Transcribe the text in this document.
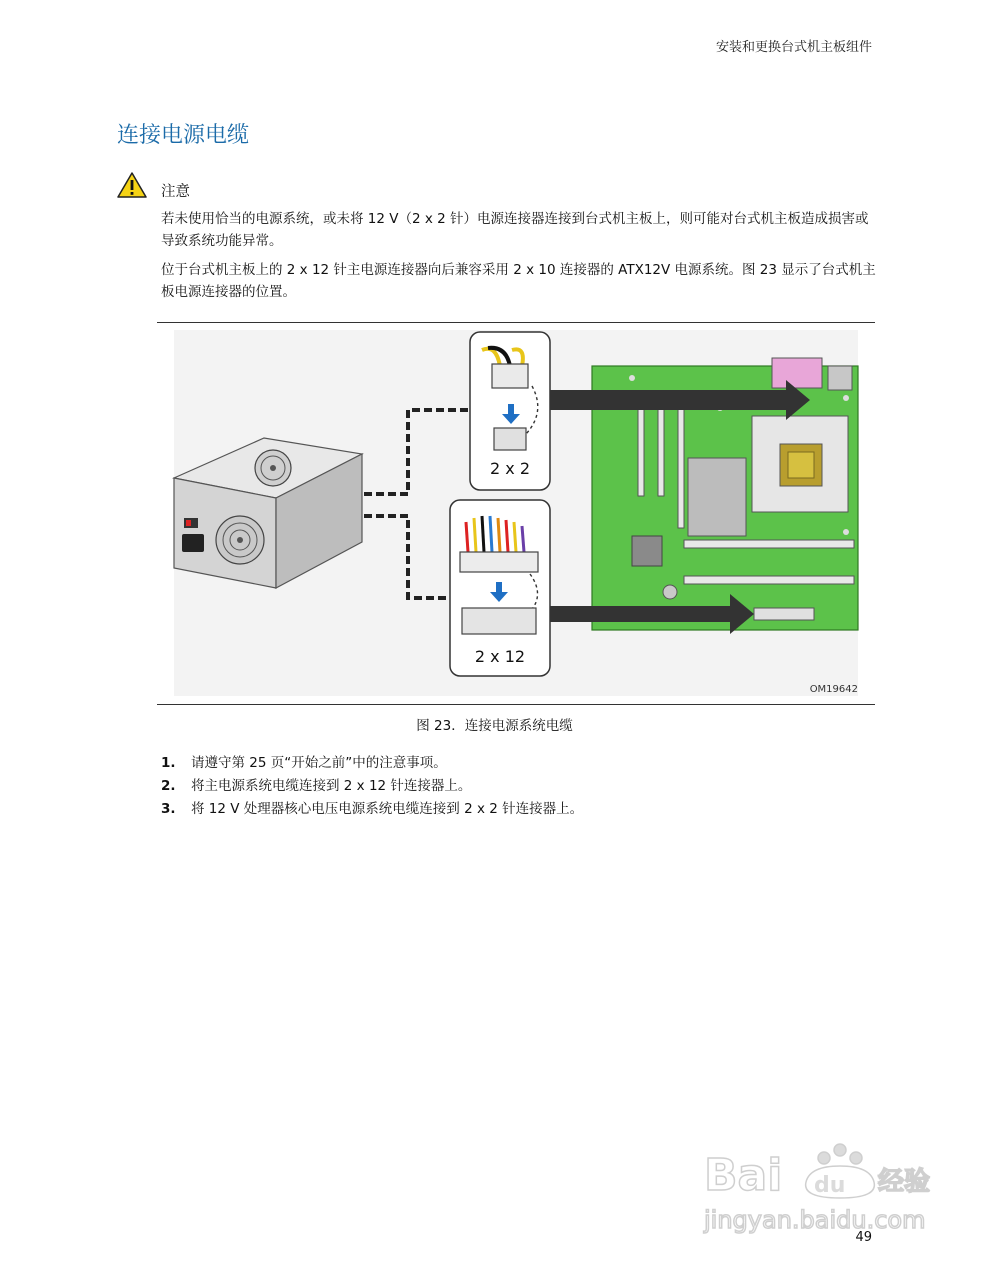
安装和更换台式机主板组件
连接电源电缆
注意

若未使用恰当的电源系统，或未将 12 V（2 x 2 针）电源连接器连接到台式机主板上，则可能对台式机主板造成损害或导致系统功能异常。

位于台式机主板上的 2 x 12 针主电源连接器向后兼容采用 2 x 10 连接器的 ATX12V 电源系统。图 23 显示了台式机主板电源连接器的位置。

2 x 2
2 x 12
OM19642
图 23．连接电源系统电缆
1.	请遵守第 25 页“开始之前”中的注意事项。
2.	将主电源系统电缆连接到 2 x 12 针连接器上。
3.	将 12 V 处理器核心电压电源系统电缆连接到 2 x 2 针连接器上。
Bai du 经验
jingyan.baidu.com
49
